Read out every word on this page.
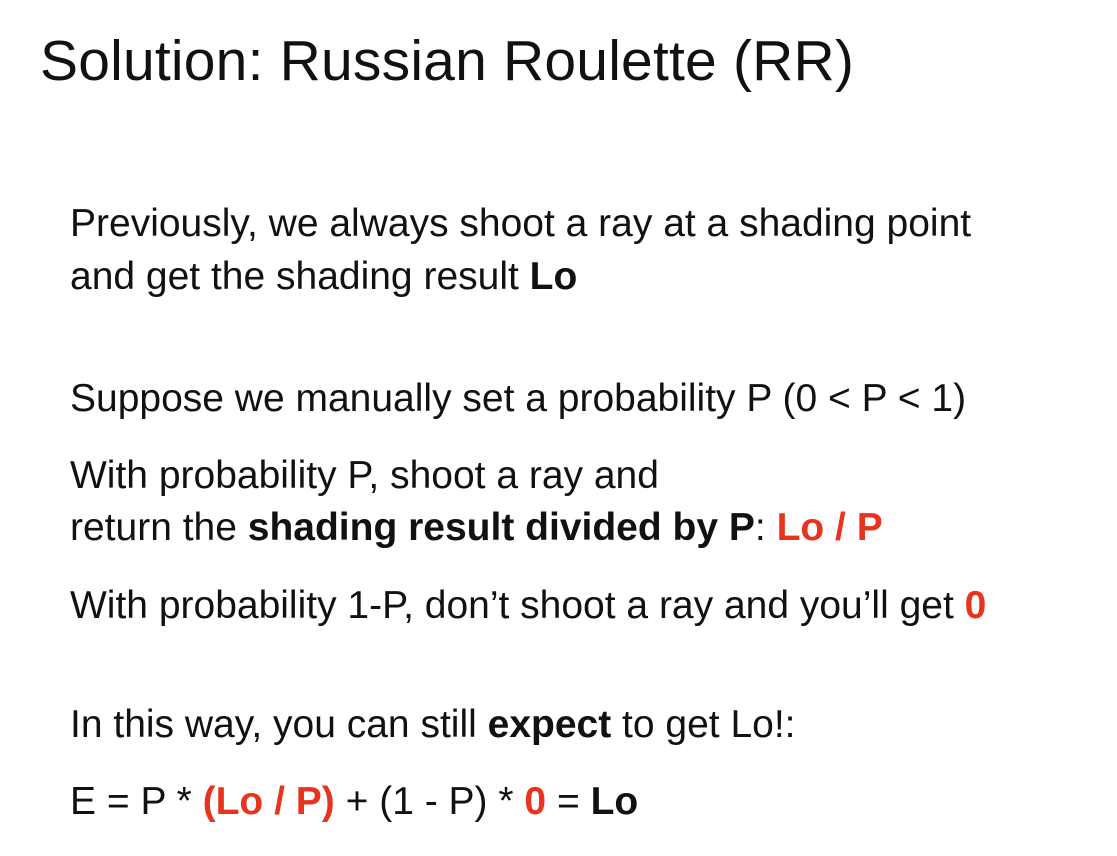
Solution: Russian Roulette (RR)
Previously, we always shoot a ray at a shading point
and get the shading result Lo
Suppose we manually set a probability P (0 < P < 1)
With probability P, shoot a ray and
return the shading result divided by P: Lo / P
With probability 1-P, don’t shoot a ray and you’ll get 0
In this way, you can still expect to get Lo!:
E = P * (Lo / P) + (1 - P) * 0 = Lo
